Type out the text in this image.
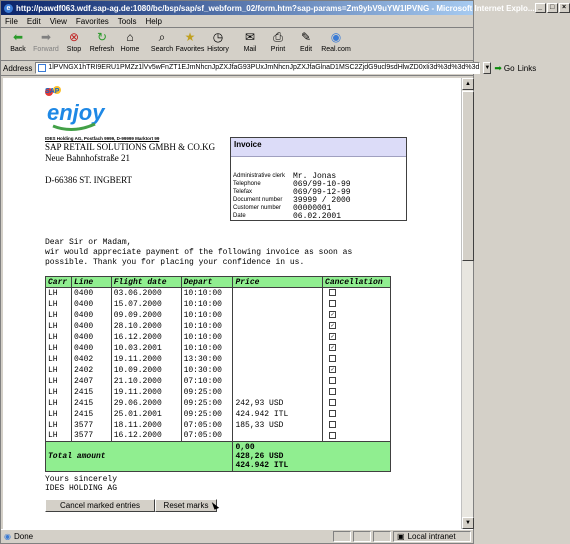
e http://pawdf063.wdf.sap-ag.de:1080/bc/bsp/sap/sf_webform_02/form.htm?sap-params=Zm9ybV9uYW1lPVNG - Microsoft Internet Explo... _	□	×
File Edit View Favorites Tools Help
⬅
Back
➡
Forward
⊗
Stop
↻
Refresh
⌂
Home
⌕
Search
★
Favorites
◷
History
✉
Mail
⎙
Print
✎
Edit
◉
Real.com
Address	1lPVNGX1hTRI9ERU1PMZz1lVv5wFnZT1EJmNhcnJpZXJfaG93PUxJmNhcnJpZXJfaGlnaD1MSC2ZjdG9ucl9sdHlwZD0xIi3d%3d%3d%3d ▼ ➡ Go Links
SAP
enjoy
IDES Holding AG, Postfach 9999, D-99999 Marktort 99
SAP RETAIL SOLUTIONS GMBH & CO.KG
Neue Bahnhofstraße 21
D-66386 ST. INGBERT
Invoice
Administrative clerk Mr. Jonas
Telephone	069/99-10-99
Telefax	069/99-12-99
Document number	39999 / 2000
Customer number	00000001
Date	06.02.2001
Dear Sir or Madam,
wir would appreciate payment of the following invoice as soon as
possible. Thank you for placing your confidence in us.
Carr	Line	Flight date	Depart	Price	Cancellation
LH	0400	03.06.2000	10:10:00		
LH	0400	15.07.2000	10:10:00		
LH	0400	09.09.2000	10:10:00		✓
LH	0400	28.10.2000	10:10:00		✓
LH	0400	16.12.2000	10:10:00		✓
LH	0400	10.03.2001	10:10:00		✓
LH	0402	19.11.2000	13:30:00		
LH	2402	10.09.2000	10:30:00		✓
LH	2407	21.10.2000	07:10:00		
LH	2415	19.11.2000	09:25:00		
LH	2415	29.06.2000	09:25:00	242,93 USD	
LH	2415	25.01.2001	09:25:00	424.942 ITL	
LH	3577	18.11.2000	07:05:00	185,33 USD	
LH	3577	16.12.2000	07:05:00		
Total amount				0,00
428,26 USD
424.942 ITL	
Yours sincerely
IDES HOLDING AG
Cancel marked entries	Reset marks
▲
▼
◉ Done	▣ Local intranet
